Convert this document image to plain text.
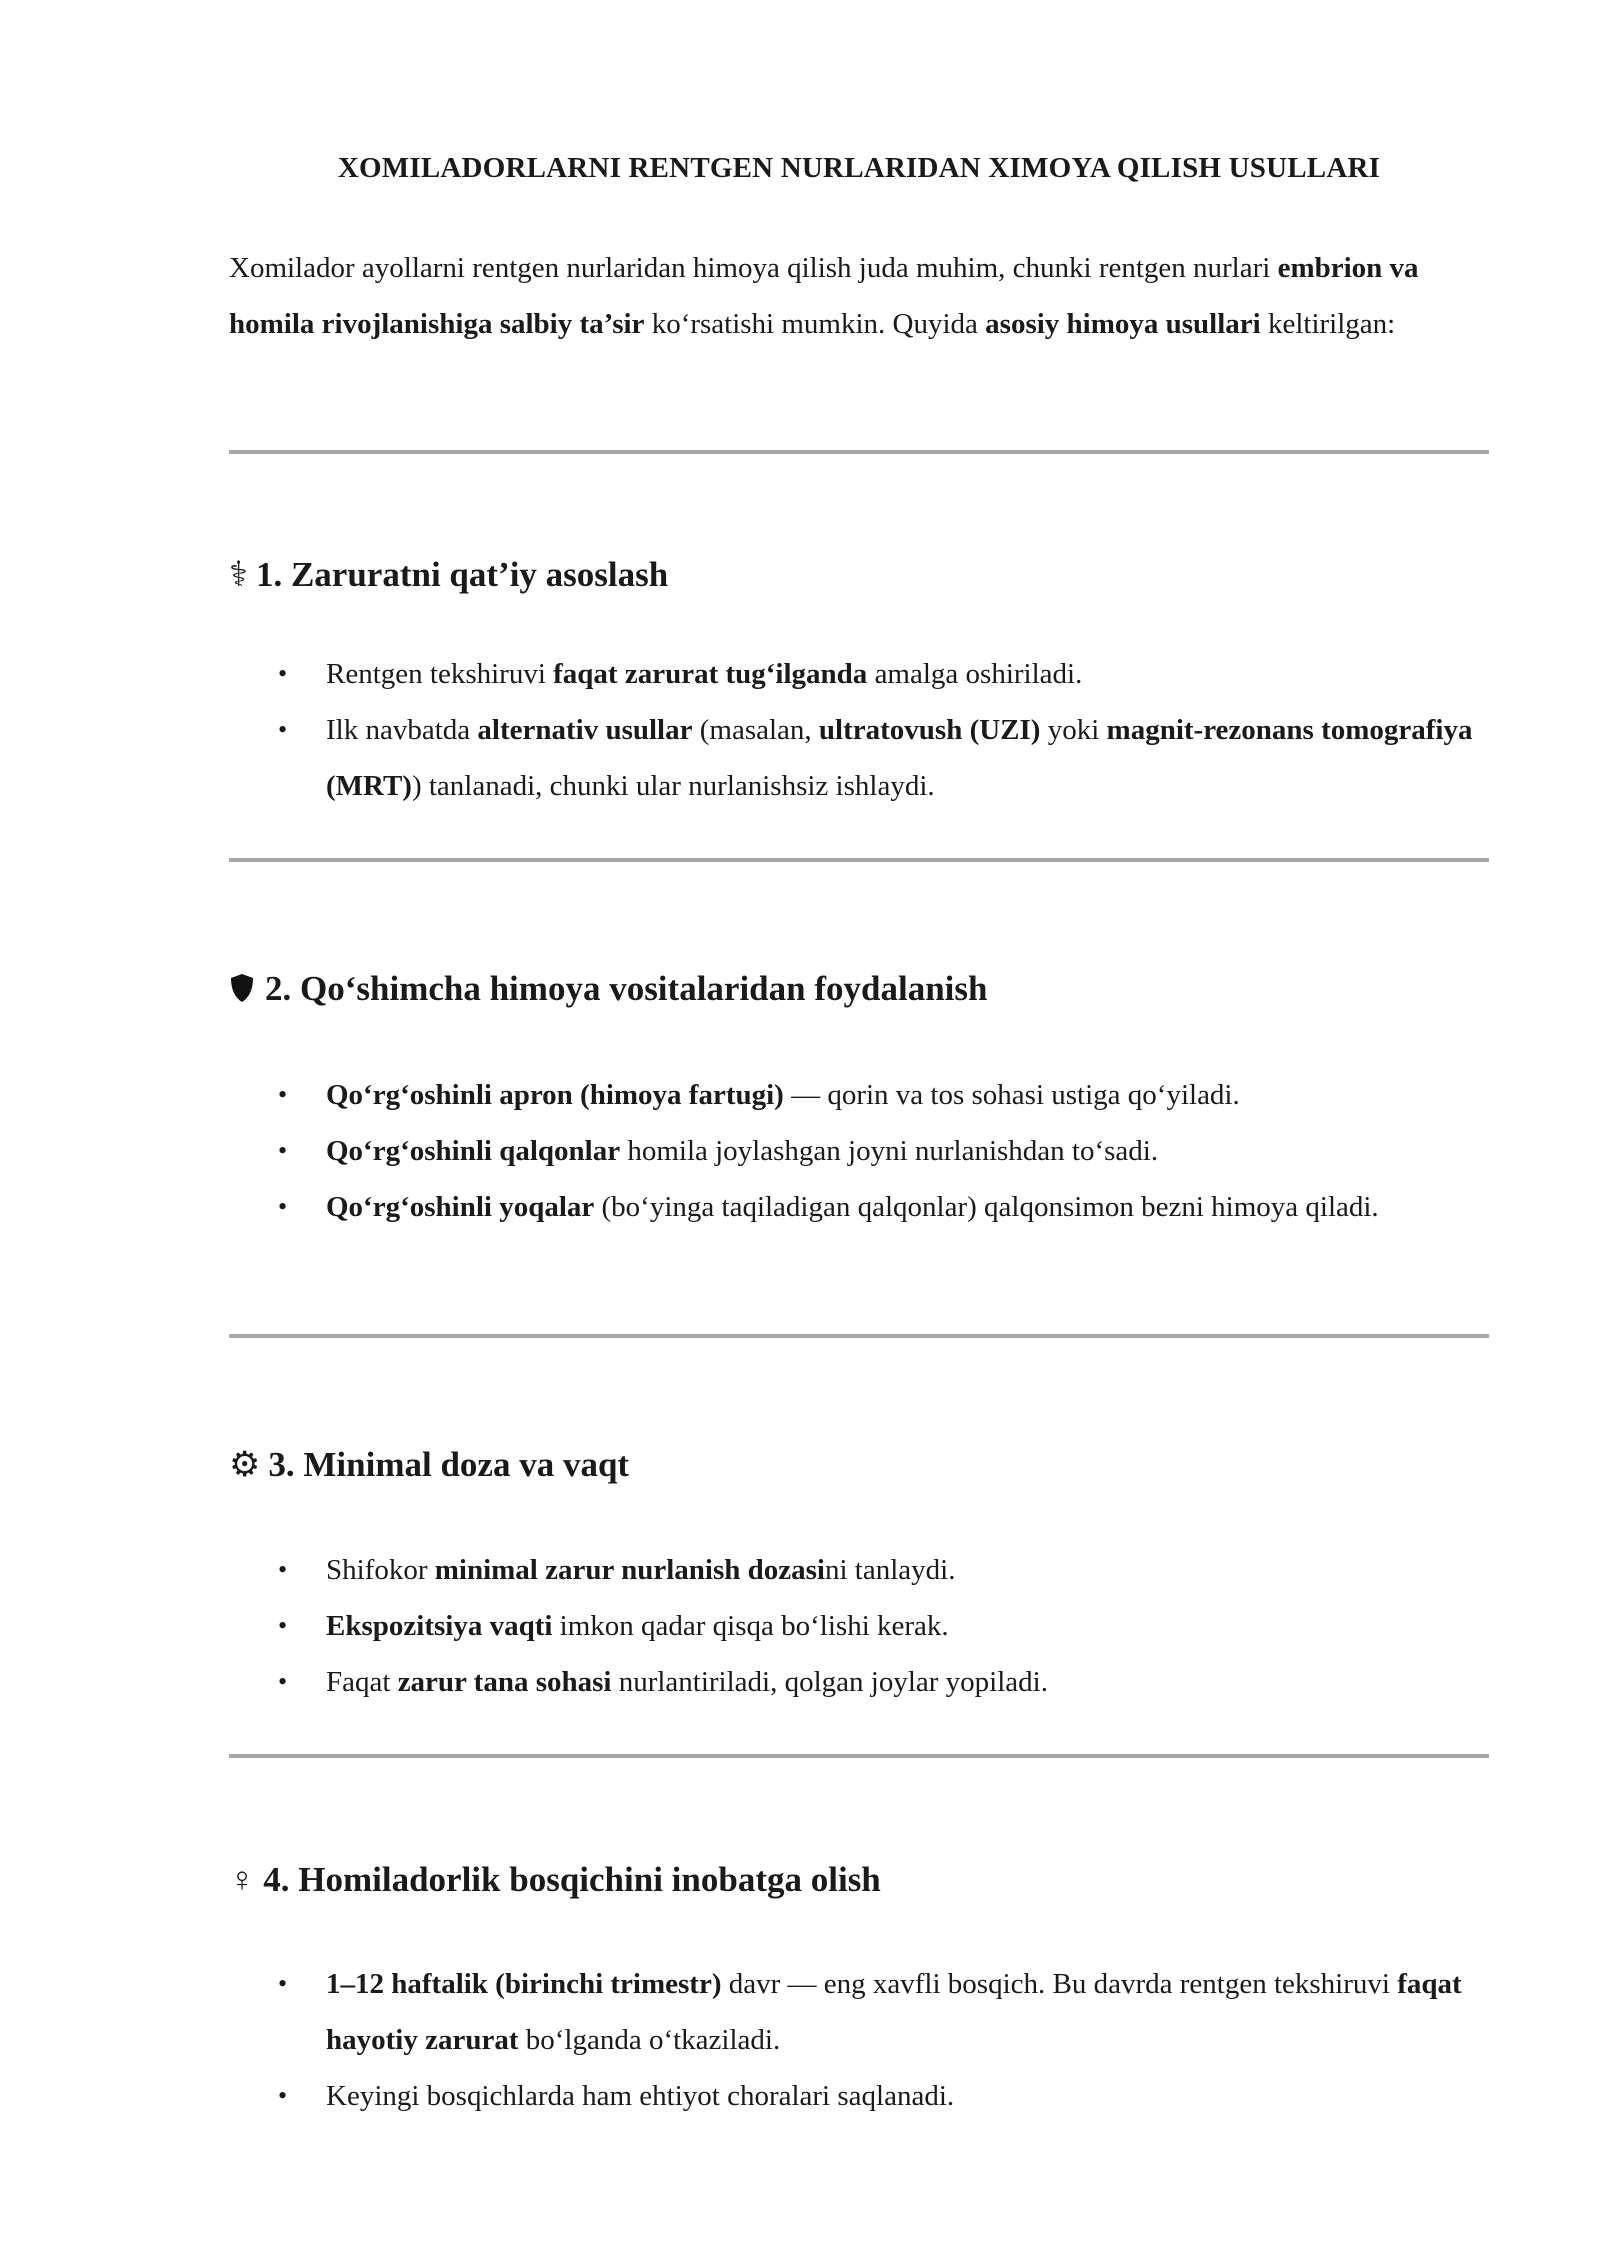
XOMILADORLARNI RENTGEN NURLARIDAN XIMOYA QILISH USULLARI

Xomilador ayollarni rentgen nurlaridan himoya qilish juda muhim, chunki rentgen nurlari embrion va homila rivojlanishiga salbiy ta’sir ko‘rsatishi mumkin. Quyida asosiy himoya usullari keltirilgan:

⚕ 1. Zaruratni qat’iy asoslash
• Rentgen tekshiruvi faqat zarurat tug‘ilganda amalga oshiriladi.
• Ilk navbatda alternativ usullar (masalan, ultratovush (UZI) yoki magnit-rezonans tomografiya (MRT)) tanlanadi, chunki ular nurlanishsiz ishlaydi.
2. Qo‘shimcha himoya vositalaridan foydalanish
• Qo‘rg‘oshinli apron (himoya fartugi) — qorin va tos sohasi ustiga qo‘yiladi.
• Qo‘rg‘oshinli qalqonlar homila joylashgan joyni nurlanishdan to‘sadi.
• Qo‘rg‘oshinli yoqalar (bo‘yinga taqiladigan qalqonlar) qalqonsimon bezni himoya qiladi.
⚙ 3. Minimal doza va vaqt
• Shifokor minimal zarur nurlanish dozasini tanlaydi.
• Ekspozitsiya vaqti imkon qadar qisqa bo‘lishi kerak.
• Faqat zarur tana sohasi nurlantiriladi, qolgan joylar yopiladi.
♀ 4. Homiladorlik bosqichini inobatga olish
• 1–12 haftalik (birinchi trimestr) davr — eng xavfli bosqich. Bu davrda rentgen tekshiruvi faqat hayotiy zarurat bo‘lganda o‘tkaziladi.
• Keyingi bosqichlarda ham ehtiyot choralari saqlanadi.
